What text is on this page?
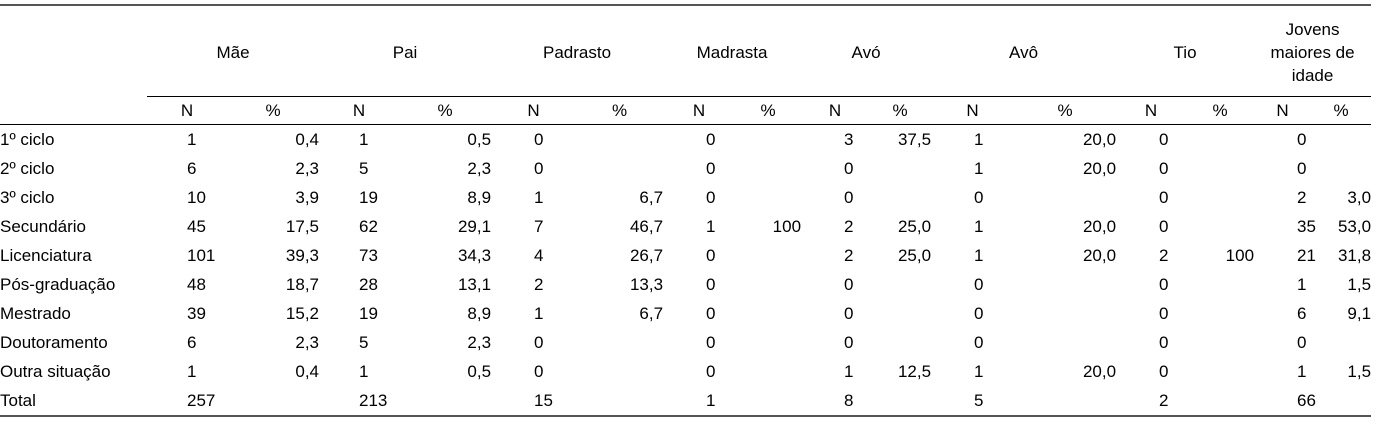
	Mãe		Pai		Padrasto		Madrasta		Avó		Avô		Tio		Jovens maiores de idade	
	N	%	N	%	N	%	N	%	N	%	N	%	N	%	N	%
1º ciclo	1	0,4	1	0,5	0		0		3	37,5	1	20,0	0		0	
2º ciclo	6	2,3	5	2,3	0		0		0		1	20,0	0		0	
3º ciclo	10	3,9	19	8,9	1	6,7	0		0		0		0		2	3,0
Secundário	45	17,5	62	29,1	7	46,7	1	100	2	25,0	1	20,0	0		35	53,0
Licenciatura	101	39,3	73	34,3	4	26,7	0		2	25,0	1	20,0	2	100	21	31,8
Pós-graduação	48	18,7	28	13,1	2	13,3	0		0		0		0		1	1,5
Mestrado	39	15,2	19	8,9	1	6,7	0		0		0		0		6	9,1
Doutoramento	6	2,3	5	2,3	0		0		0		0		0		0	
Outra situação	1	0,4	1	0,5	0		0		1	12,5	1	20,0	0		1	1,5
Total	257		213		15		1		8		5		2		66	
